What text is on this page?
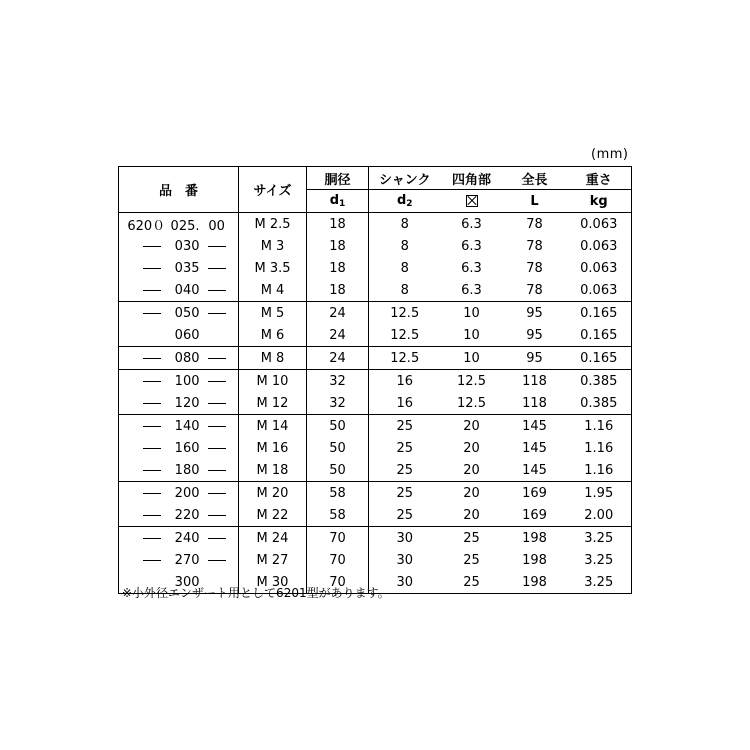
(mm)
品　番	サイズ	胴径	シャンク	四角部	全長	重さ
		$d_1$	$d_2$		L	kg
620０ 025. 00	M 2.5	18	8	6.3	78	0.063
030	M 3	18	8	6.3	78	0.063
035	M 3.5	18	8	6.3	78	0.063
040	M 4	18	8	6.3	78	0.063
050	M 5	24	12.5	10	95	0.165
060	M 6	24	12.5	10	95	0.165
080	M 8	24	12.5	10	95	0.165
100	M 10	32	16	12.5	118	0.385
120	M 12	32	16	12.5	118	0.385
140	M 14	50	25	20	145	1.16
160	M 16	50	25	20	145	1.16
180	M 18	50	25	20	145	1.16
200	M 20	58	25	20	169	1.95
220	M 22	58	25	20	169	2.00
240	M 24	70	30	25	198	3.25
270	M 27	70	30	25	198	3.25
300	M 30	70	30	25	198	3.25
※小外径エンザート用として6201型があります。
